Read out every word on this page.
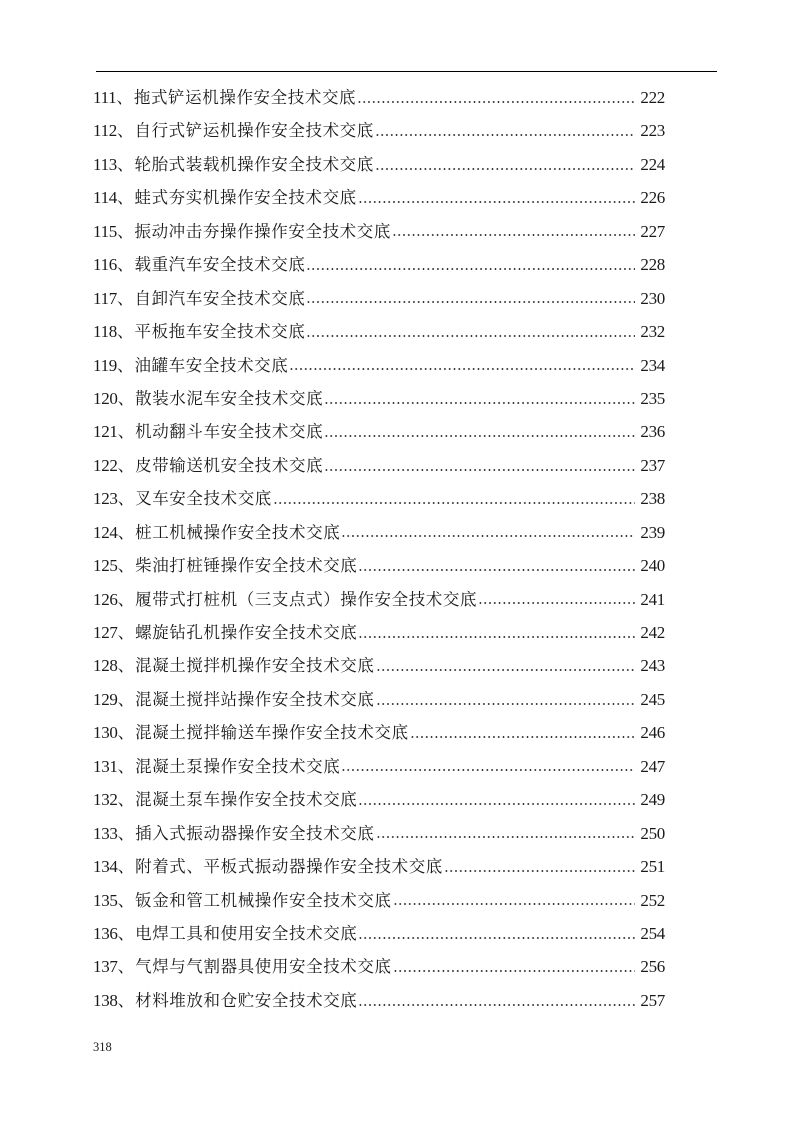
111 、 拖式铲运机操作安全技术交底	222
112 、 自行式铲运机操作安全技术交底	223
113 、 轮胎式装载机操作安全技术交底	224
114 、 蛙式夯实机操作安全技术交底	226
115 、 振动冲击夯操作操作安全技术交底	227
116 、 载重汽车安全技术交底	228
117 、 自卸汽车安全技术交底	230
118 、 平板拖车安全技术交底	232
119 、 油罐车安全技术交底	234
120 、 散装水泥车安全技术交底	235
121 、 机动翻斗车安全技术交底	236
122 、 皮带输送机安全技术交底	237
123 、 叉车安全技术交底	238
124 、 桩工机械操作安全技术交底	239
125 、 柴油打桩锤操作安全技术交底	240
126 、 履带式打桩机（三支点式）操作安全技术交底	241
127 、 螺旋钻孔机操作安全技术交底	242
128 、 混凝土搅拌机操作安全技术交底	243
129 、 混凝土搅拌站操作安全技术交底	245
130 、 混凝土搅拌输送车操作安全技术交底	246
131 、 混凝土泵操作安全技术交底	247
132 、 混凝土泵车操作安全技术交底	249
133 、 插入式振动器操作安全技术交底	250
134 、 附着式、平板式振动器操作安全技术交底	251
135 、 钣金和管工机械操作安全技术交底	252
136 、 电焊工具和使用安全技术交底	254
137 、 气焊与气割器具使用安全技术交底	256
138 、 材料堆放和仓贮安全技术交底	257
318
